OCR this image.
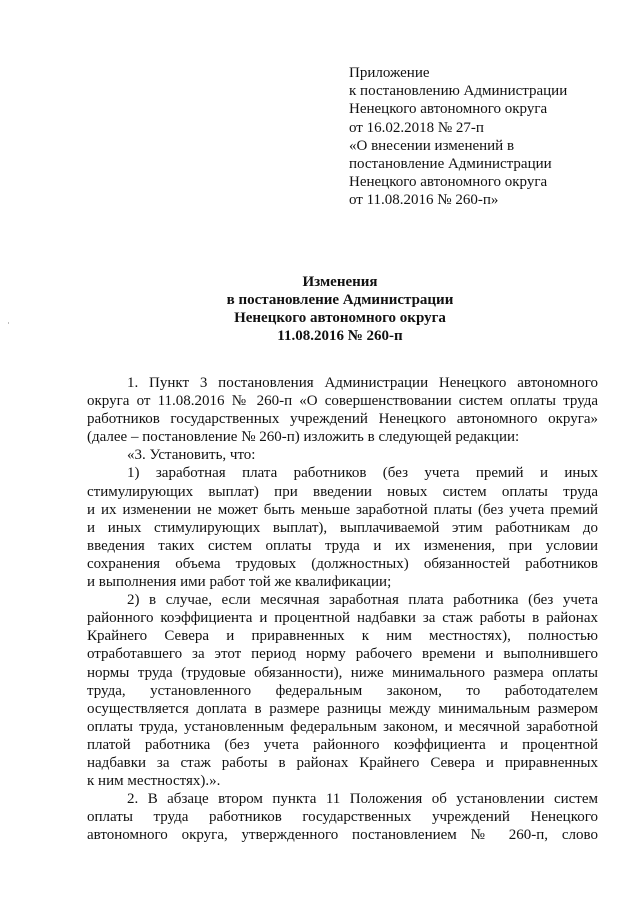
Приложение
к постановлению Администрации
Ненецкого автономного округа
от 16.02.2018 № 27-п
«О внесении изменений в
постановление Администрации
Ненецкого автономного округа
от 11.08.2016 № 260-п»
Изменения
в постановление Администрации
Ненецкого автономного округа
11.08.2016 № 260-п
1. Пункт 3 постановления Администрации Ненецкого автономного
округа от 11.08.2016 № 260-п «О совершенствовании систем оплаты труда
работников государственных учреждений Ненецкого автономного округа»
(далее – постановление № 260-п) изложить в следующей редакции:
«3. Установить, что:
1) заработная плата работников (без учета премий и иных
стимулирующих выплат) при введении новых систем оплаты труда
и их изменении не может быть меньше заработной платы (без учета премий
и иных стимулирующих выплат), выплачиваемой этим работникам до
введения таких систем оплаты труда и их изменения, при условии
сохранения объема трудовых (должностных) обязанностей работников
и выполнения ими работ той же квалификации;
2) в случае, если месячная заработная плата работника (без учета
районного коэффициента и процентной надбавки за стаж работы в районах
Крайнего Севера и приравненных к ним местностях), полностью
отработавшего за этот период норму рабочего времени и выполнившего
нормы труда (трудовые обязанности), ниже минимального размера оплаты
труда, установленного федеральным законом, то работодателем
осуществляется доплата в размере разницы между минимальным размером
оплаты труда, установленным федеральным законом, и месячной заработной
платой работника (без учета районного коэффициента и процентной
надбавки за стаж работы в районах Крайнего Севера и приравненных
к ним местностях).».
2. В абзаце втором пункта 11 Положения об установлении систем
оплаты труда работников государственных учреждений Ненецкого
автономного округа, утвержденного постановлением № 260-п, слово
